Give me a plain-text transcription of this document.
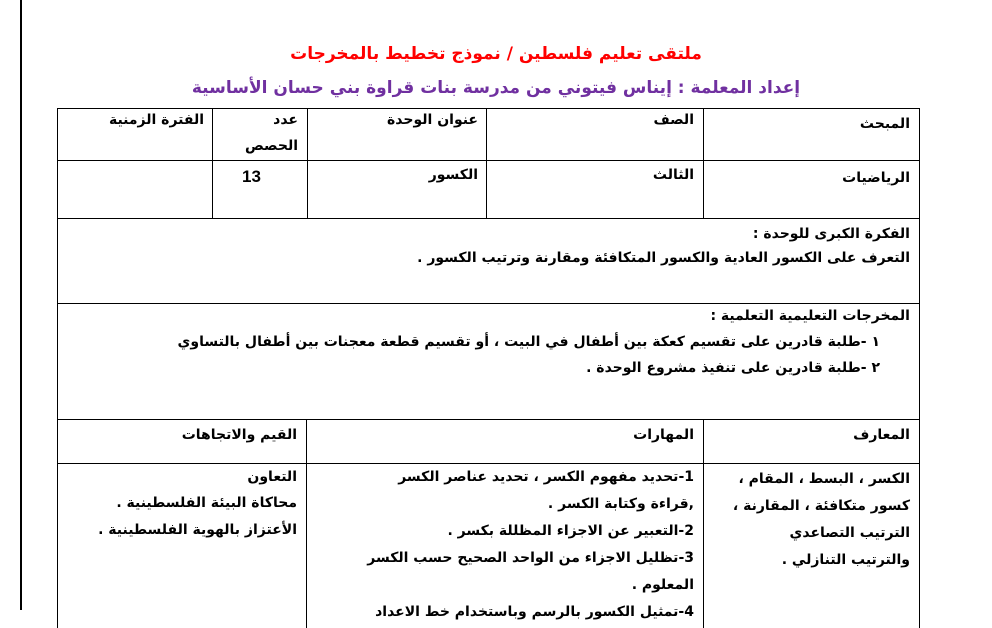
ملتقى تعليم فلسطين / نموذج تخطيط بالمخرجات
إعداد المعلمة : إيناس فيتوني من مدرسة بنات قراوة بني حسان الأساسية
المبحث
الصف
عنوان الوحدة
عدد
الحصص
الفترة الزمنية
الرياضيات
الثالث
الكسور
13
الفكرة الكبرى للوحدة :
التعرف على الكسور العادية والكسور المتكافئة ومقارنة وترتيب الكسور .
المخرجات التعليمية التعلمية :
١ -طلبة قادرين على تقسيم كعكة بين أطفال في البيت ، أو تقسيم قطعة معجنات بين أطفال بالتساوي
٢ -طلبة قادرين على تنفيذ مشروع الوحدة .
المعارف
المهارات
القيم والاتجاهات
الكسر ، البسط ، المقام ،
كسور متكافئة ، المقارنة ،
الترتيب التصاعدي
والترتيب التنازلي .
1-تحديد مفهوم الكسر ، تحديد عناصر الكسر
,قراءة وكتابة الكسر .
2-التعبير عن الاجزاء المظللة بكسر .
3-تظليل الاجزاء من الواحد الصحيح حسب الكسر
المعلوم .
4-تمثيل الكسور بالرسم وباستخدام خط الاعداد
التعاون
محاكاة البيئة الفلسطينية .
الأعتزاز بالهوية الفلسطينية .
